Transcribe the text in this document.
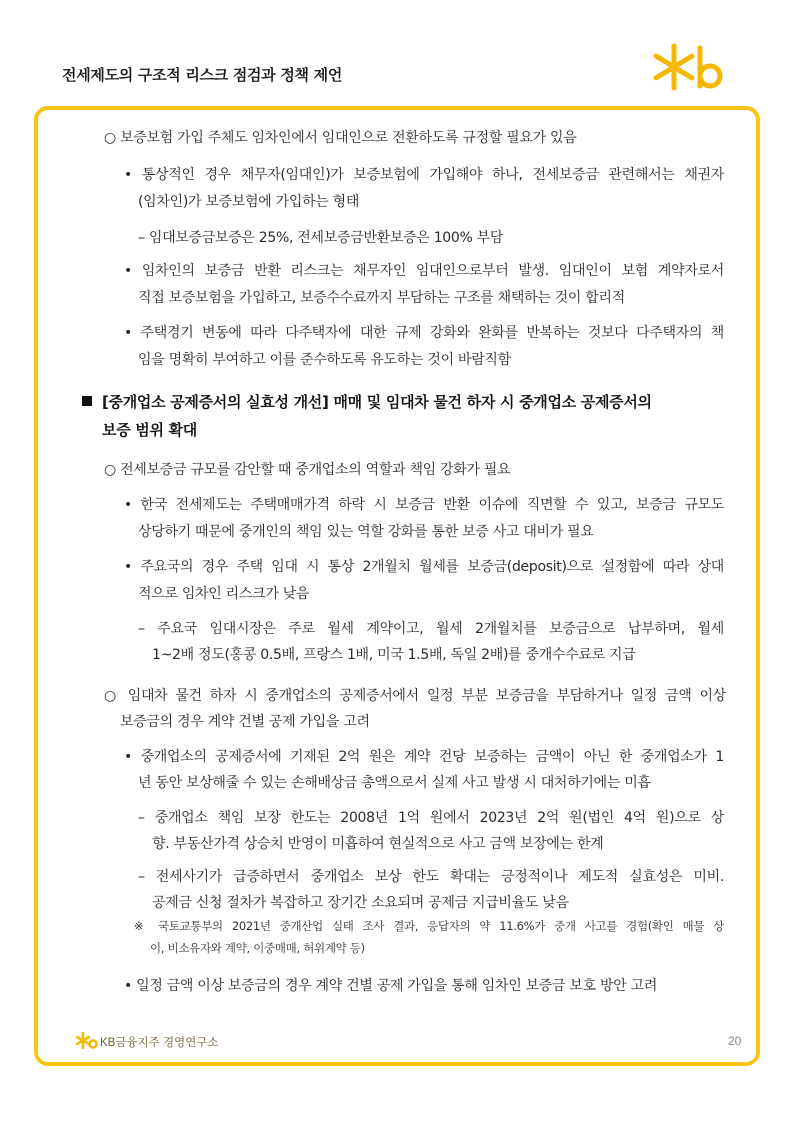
전세제도의 구조적 리스크 점검과 정책 제언
○ 보증보험 가입 주체도 임차인에서 임대인으로 전환하도록 규정할 필요가 있음
• 통상적인 경우 채무자(임대인)가 보증보험에 가입해야 하나, 전세보증금 관련해서는 채권자
(임차인)가 보증보험에 가입하는 형태
– 임대보증금보증은 25%, 전세보증금반환보증은 100% 부담
• 임차인의 보증금 반환 리스크는 채무자인 임대인으로부터 발생. 임대인이 보험 계약자로서
직접 보증보험을 가입하고, 보증수수료까지 부담하는 구조를 채택하는 것이 합리적
• 주택경기 변동에 따라 다주택자에 대한 규제 강화와 완화를 반복하는 것보다 다주택자의 책
임을 명확히 부여하고 이를 준수하도록 유도하는 것이 바람직함
[중개업소 공제증서의 실효성 개선] 매매 및 임대차 물건 하자 시 중개업소 공제증서의
보증 범위 확대
○ 전세보증금 규모를 감안할 때 중개업소의 역할과 책임 강화가 필요
• 한국 전세제도는 주택매매가격 하락 시 보증금 반환 이슈에 직면할 수 있고, 보증금 규모도
상당하기 때문에 중개인의 책임 있는 역할 강화를 통한 보증 사고 대비가 필요
• 주요국의 경우 주택 임대 시 통상 2개월치 월세를 보증금(deposit)으로 설정함에 따라 상대
적으로 임차인 리스크가 낮음
– 주요국 임대시장은 주로 월세 계약이고, 월세 2개월치를 보증금으로 납부하며, 월세
1~2배 정도(홍콩 0.5배, 프랑스 1배, 미국 1.5배, 독일 2배)를 중개수수료로 지급
○ 임대차 물건 하자 시 중개업소의 공제증서에서 일정 부분 보증금을 부담하거나 일정 금액 이상
보증금의 경우 계약 건별 공제 가입을 고려
• 중개업소의 공제증서에 기재된 2억 원은 계약 건당 보증하는 금액이 아닌 한 중개업소가 1
년 동안 보상해줄 수 있는 손해배상금 총액으로서 실제 사고 발생 시 대처하기에는 미흡
– 중개업소 책임 보장 한도는 2008년 1억 원에서 2023년 2억 원(법인 4억 원)으로 상
향. 부동산가격 상승치 반영이 미흡하여 현실적으로 사고 금액 보장에는 한계
– 전세사기가 급증하면서 중개업소 보상 한도 확대는 긍정적이나 제도적 실효성은 미비.
공제금 신청 절차가 복잡하고 장기간 소요되며 공제금 지급비율도 낮음
※ 국토교통부의 2021년 중개산업 실태 조사 결과, 응답자의 약 11.6%가 중개 사고를 경험(확인 매물 상
이, 비소유자와 계약, 이중매매, 허위계약 등)
• 일정 금액 이상 보증금의 경우 계약 건별 공제 가입을 통해 임차인 보증금 보호 방안 고려
KB금융지주 경영연구소	20
